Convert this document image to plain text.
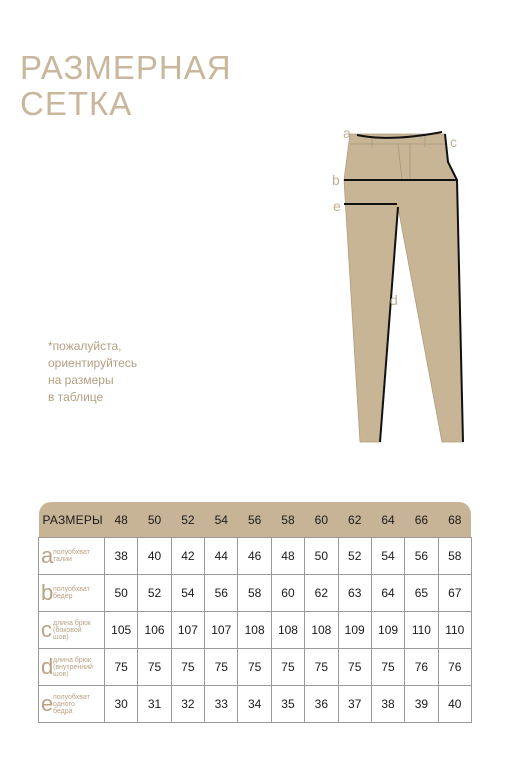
РАЗМЕРНАЯ
СЕТКА
*пожалуйста,
ориентируйтесь
на размеры
в таблице
a
c
b
e
d
РАЗМЕРЫ	48	50	52	54	56	58	60	62	64	66	68
a полуобхват
талии	38	40	42	44	46	48	50	52	54	56	58
b полуобхват
бедер	50	52	54	56	58	60	62	63	64	65	67
c длина брюк
(боковой
шов)	105	106	107	107	108	108	108	109	109	110	110
d длина брюк
(внутренний
шов)	75	75	75	75	75	75	75	75	75	76	76
e полуобхват
одного
бедра	30	31	32	33	34	35	36	37	38	39	40
